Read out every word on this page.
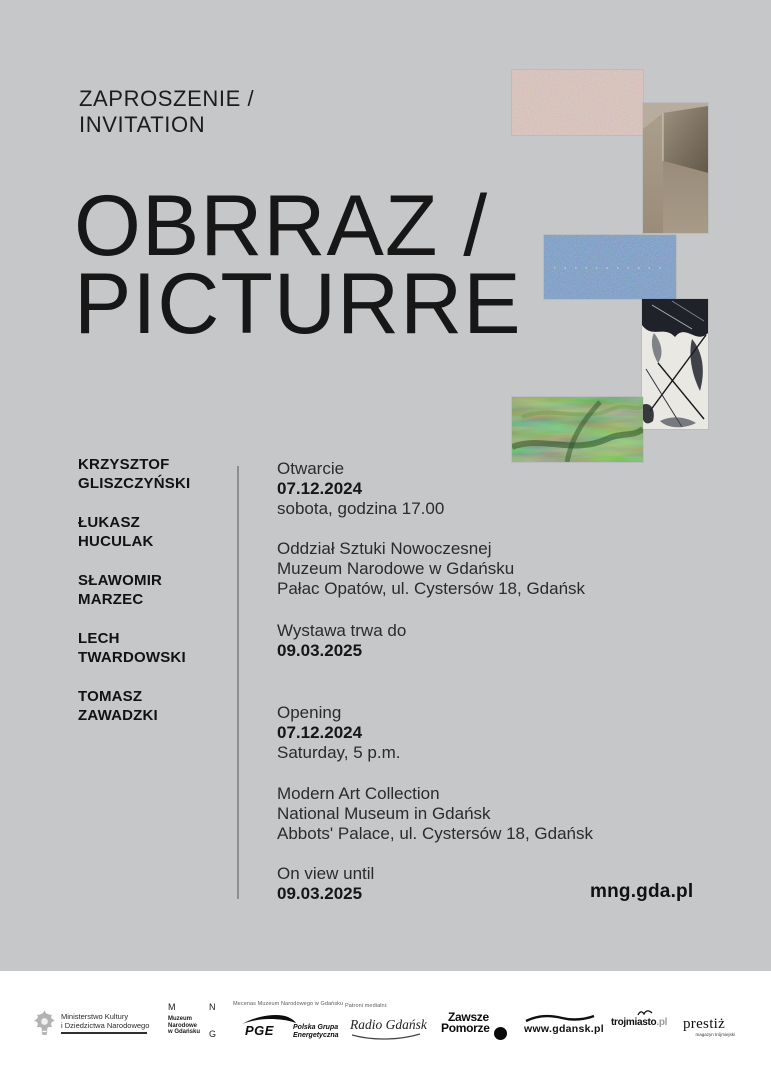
ZAPROSZENIE /
INVITATION
OBRRAZ /
PICTURRE
KRZYSZTOF
GLISZCZYŃSKI
ŁUKASZ
HUCULAK
SŁAWOMIR
MARZEC
LECH
TWARDOWSKI
TOMASZ
ZAWADZKI
Otwarcie
07.12.2024
sobota, godzina 17.00
Oddział Sztuki Nowoczesnej
Muzeum Narodowe w Gdańsku
Pałac Opatów, ul. Cystersów 18, Gdańsk
Wystawa trwa do
09.03.2025
Opening
07.12.2024
Saturday, 5 p.m.
Modern Art Collection
National Museum in Gdańsk
Abbots' Palace, ul. Cystersów 18, Gdańsk
On view until
09.03.2025	mng.gda.pl
Ministerstwo Kultury
i Dziedzictwa Narodowego
M	N
Muzeum
Narodowe
w Gdańsku G
Mecenas Muzeum Narodowego w Gdańsku
PGE	Polska Grupa
Energetyczna
Patroni medialni:
Radio Gdańsk Zawsze
Pomorze	www.gdansk.pl
trojmiasto.pl prestiż
magazyn trójmiejski
